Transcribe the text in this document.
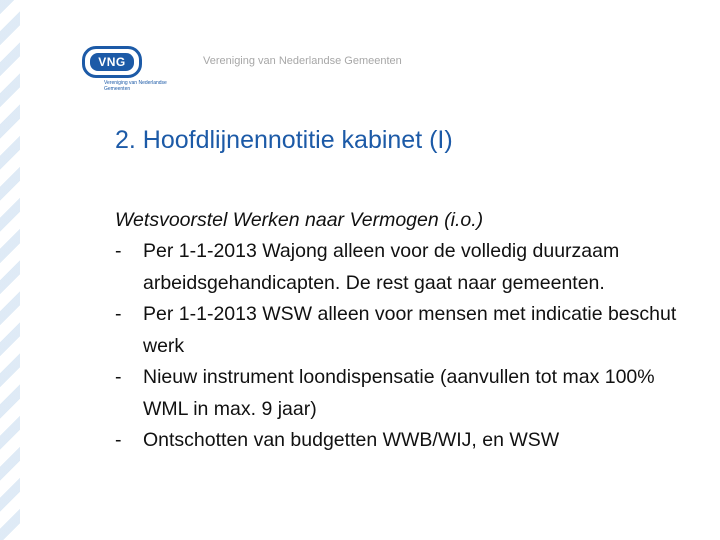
VNG
Vereniging van Nederlandse Gemeenten
Vereniging van Nederlandse Gemeenten
2. Hoofdlijnennotitie kabinet (I)

Wetsvoorstel Werken naar Vermogen (i.o.)

-	Per 1-1-2013 Wajong alleen voor de volledig duurzaam arbeidsgehandicapten. De rest gaat naar gemeenten.
-	Per 1-1-2013 WSW alleen voor mensen met indicatie beschut werk
-	Nieuw instrument loondispensatie (aanvullen tot max 100% WML in max. 9 jaar)
-	Ontschotten van budgetten WWB/WIJ, en WSW
